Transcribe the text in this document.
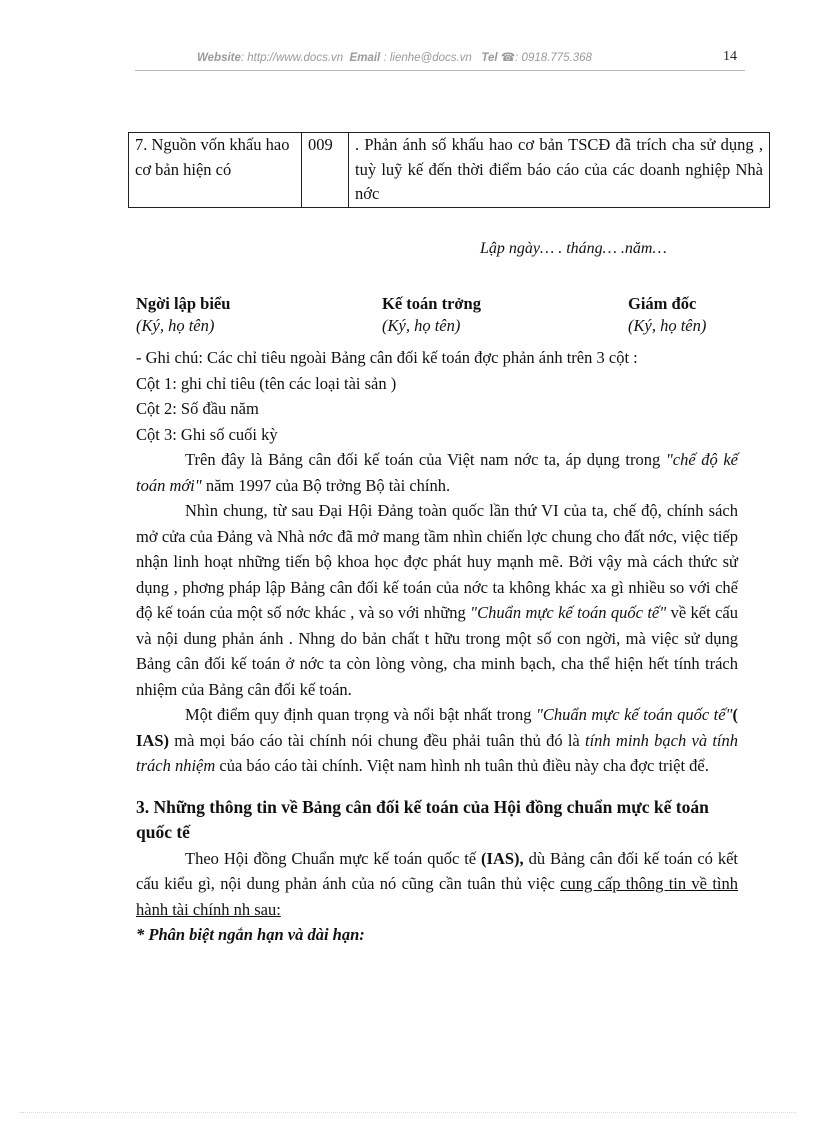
Website: http://www.docs.vn Email : lienhe@docs.vn Tel ☎: 0918.775.368	14
7. Nguồn vốn khấu hao cơ bản hiện có	009	. Phản ánh số khấu hao cơ bản TSCĐ đã trích cha sử dụng , tuỳ luỹ kế đến thời điểm báo cáo của các doanh nghiệp Nhà nớc
Lập ngày… . tháng… .năm…
Ngời lập biểu
(Ký, họ tên)
Kế toán trởng
(Ký, họ tên)
Giám đốc
(Ký, họ tên)

- Ghi chú: Các chỉ tiêu ngoài Bảng cân đối kế toán đợc phản ánh trên 3 cột :

Cột 1: ghi chỉ tiêu (tên các loại tài sản )

Cột 2: Số đầu năm

Cột 3: Ghi số cuối kỳ

Trên đây là Bảng cân đối kế toán của Việt nam nớc ta, áp dụng trong "chế độ kế toán mới" năm 1997 của Bộ trởng Bộ tài chính.

Nhìn chung, từ sau Đại Hội Đảng toàn quốc lần thứ VI của ta, chế độ, chính sách mở cửa của Đảng và Nhà nớc đã mở mang tầm nhìn chiến lợc chung cho đất nớc, việc tiếp nhận linh hoạt những tiến bộ khoa học đợc phát huy mạnh mẽ. Bởi vậy mà cách thức sử dụng , phơng pháp lập Bảng cân đối kế toán của nớc ta không khác xa gì nhiều so với chế độ kế toán của một số nớc khác , và so với những "Chuẩn mực kế toán quốc tế" về kết cấu và nội dung phản ánh . Nhng do bản chất t hữu trong một số con ngời, mà việc sử dụng Bảng cân đối kế toán ở nớc ta còn lòng vòng, cha minh bạch, cha thể hiện hết tính trách nhiệm của Bảng cân đối kế toán.

Một điểm quy định quan trọng và nổi bật nhất trong "Chuẩn mực kế toán quốc tế"( IAS) mà mọi báo cáo tài chính nói chung đều phải tuân thủ đó là tính minh bạch và tính trách nhiệm của báo cáo tài chính. Việt nam hình nh tuân thủ điều này cha đợc triệt để.

3. Những thông tin về Bảng cân đối kế toán của Hội đồng chuẩn mực kế toán quốc tế

Theo Hội đồng Chuẩn mực kế toán quốc tế (IAS), dù Bảng cân đối kế toán có kết cấu kiểu gì, nội dung phản ánh của nó cũng cần tuân thủ việc cung cấp thông tin về tình hành tài chính nh sau:

* Phân biệt ngắn hạn và dài hạn:
